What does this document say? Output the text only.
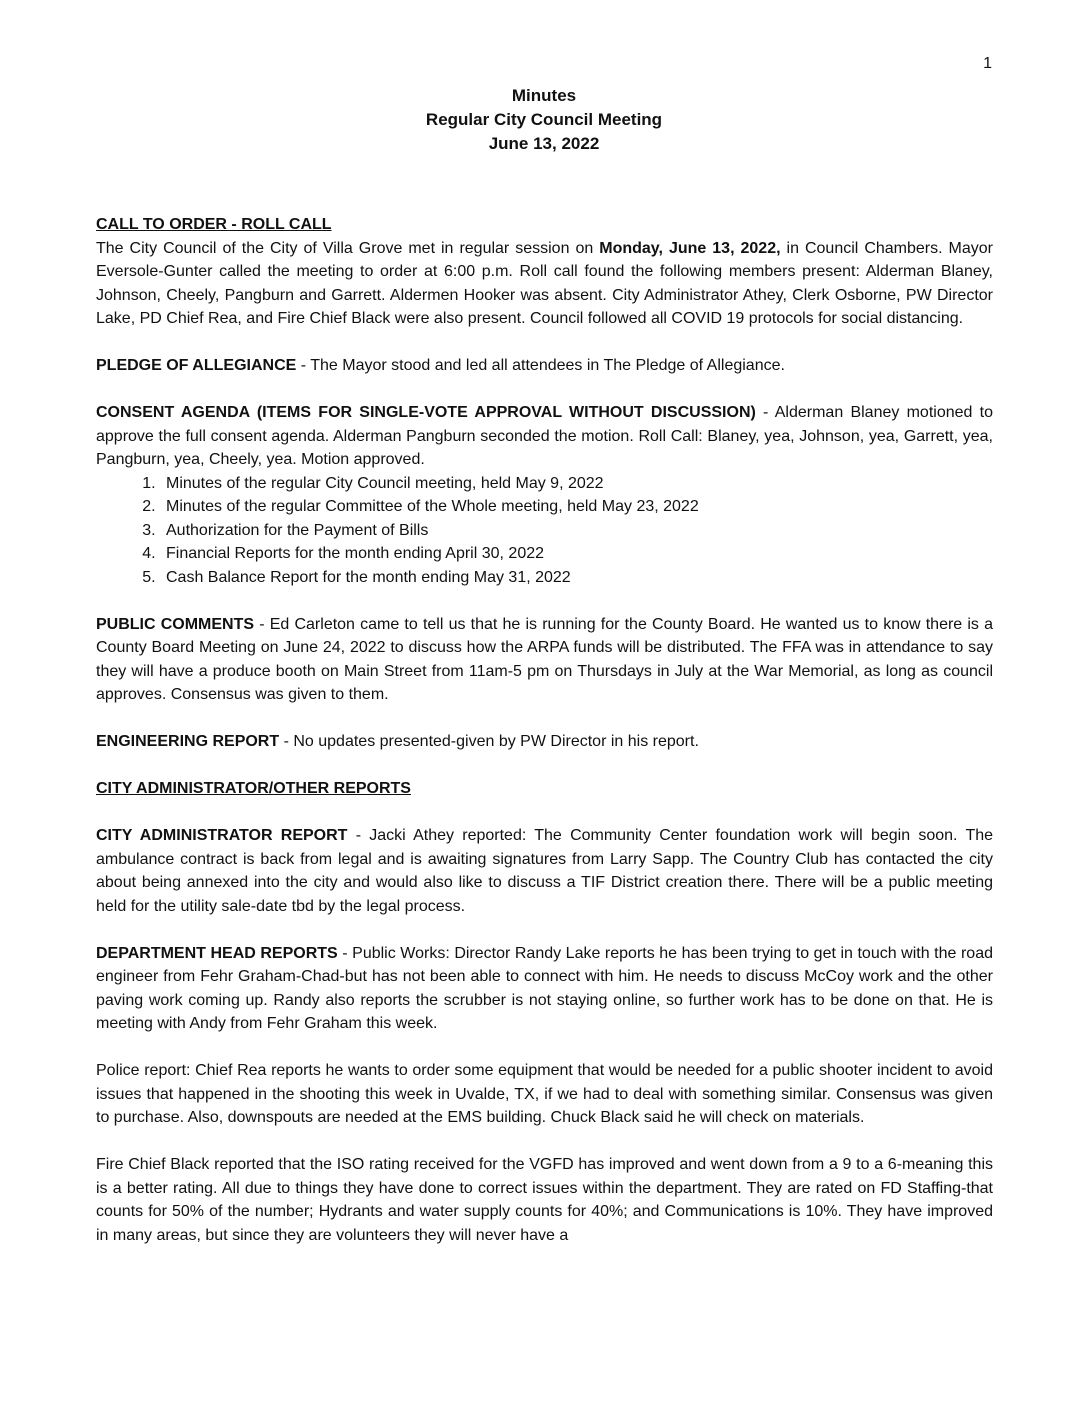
1
Minutes
Regular City Council Meeting
June 13, 2022

CALL TO ORDER - ROLL CALL
The City Council of the City of Villa Grove met in regular session on Monday, June 13, 2022, in Council Chambers. Mayor Eversole-Gunter called the meeting to order at 6:00 p.m. Roll call found the following members present: Alderman Blaney, Johnson, Cheely, Pangburn and Garrett. Aldermen Hooker was absent. City Administrator Athey, Clerk Osborne, PW Director Lake, PD Chief Rea, and Fire Chief Black were also present. Council followed all COVID 19 protocols for social distancing.

PLEDGE OF ALLEGIANCE - The Mayor stood and led all attendees in The Pledge of Allegiance.

CONSENT AGENDA (ITEMS FOR SINGLE-VOTE APPROVAL WITHOUT DISCUSSION) - Alderman Blaney motioned to approve the full consent agenda. Alderman Pangburn seconded the motion. Roll Call: Blaney, yea, Johnson, yea, Garrett, yea, Pangburn, yea, Cheely, yea. Motion approved.

1. Minutes of the regular City Council meeting, held May 9, 2022
2. Minutes of the regular Committee of the Whole meeting, held May 23, 2022
3. Authorization for the Payment of Bills
4. Financial Reports for the month ending April 30, 2022
5. Cash Balance Report for the month ending May 31, 2022

PUBLIC COMMENTS - Ed Carleton came to tell us that he is running for the County Board. He wanted us to know there is a County Board Meeting on June 24, 2022 to discuss how the ARPA funds will be distributed. The FFA was in attendance to say they will have a produce booth on Main Street from 11am-5 pm on Thursdays in July at the War Memorial, as long as council approves. Consensus was given to them.

ENGINEERING REPORT - No updates presented-given by PW Director in his report.

CITY ADMINISTRATOR/OTHER REPORTS

CITY ADMINISTRATOR REPORT - Jacki Athey reported: The Community Center foundation work will begin soon. The ambulance contract is back from legal and is awaiting signatures from Larry Sapp. The Country Club has contacted the city about being annexed into the city and would also like to discuss a TIF District creation there. There will be a public meeting held for the utility sale-date tbd by the legal process.

DEPARTMENT HEAD REPORTS - Public Works: Director Randy Lake reports he has been trying to get in touch with the road engineer from Fehr Graham-Chad-but has not been able to connect with him. He needs to discuss McCoy work and the other paving work coming up. Randy also reports the scrubber is not staying online, so further work has to be done on that. He is meeting with Andy from Fehr Graham this week.

Police report: Chief Rea reports he wants to order some equipment that would be needed for a public shooter incident to avoid issues that happened in the shooting this week in Uvalde, TX, if we had to deal with something similar. Consensus was given to purchase. Also, downspouts are needed at the EMS building. Chuck Black said he will check on materials.

Fire Chief Black reported that the ISO rating received for the VGFD has improved and went down from a 9 to a 6-meaning this is a better rating. All due to things they have done to correct issues within the department. They are rated on FD Staffing-that counts for 50% of the number; Hydrants and water supply counts for 40%; and Communications is 10%. They have improved in many areas, but since they are volunteers they will never have a
